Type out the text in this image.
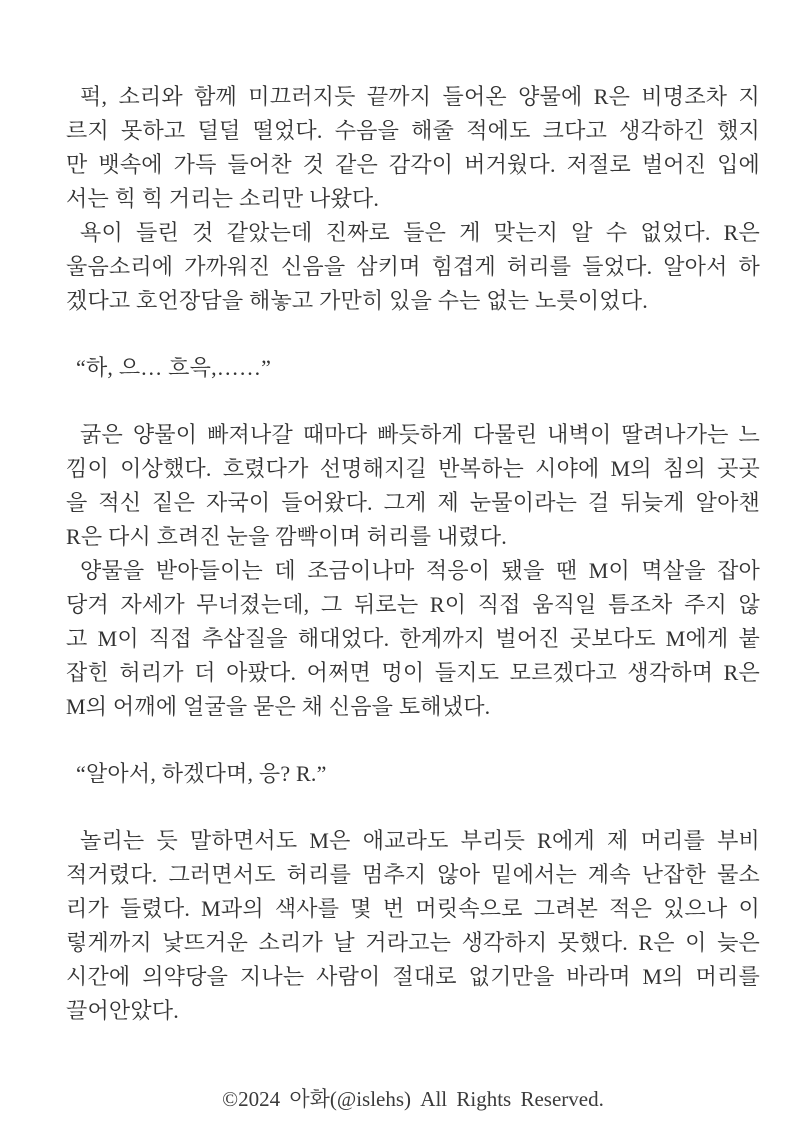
퍽, 소리와 함께 미끄러지듯 끝까지 들어온 양물에 R은 비명조차 지
르지 못하고 덜덜 떨었다. 수음을 해줄 적에도 크다고 생각하긴 했지
만 뱃속에 가득 들어찬 것 같은 감각이 버거웠다. 저절로 벌어진 입에
서는 힉 힉 거리는 소리만 나왔다.
욕이 들린 것 같았는데 진짜로 들은 게 맞는지 알 수 없었다. R은
울음소리에 가까워진 신음을 삼키며 힘겹게 허리를 들었다. 알아서 하
겠다고 호언장담을 해놓고 가만히 있을 수는 없는 노릇이었다.
“하, 으… 흐윽,……”
굵은 양물이 빠져나갈 때마다 빠듯하게 다물린 내벽이 딸려나가는 느
낌이 이상했다. 흐렸다가 선명해지길 반복하는 시야에 M의 침의 곳곳
을 적신 짙은 자국이 들어왔다. 그게 제 눈물이라는 걸 뒤늦게 알아챈
R은 다시 흐려진 눈을 깜빡이며 허리를 내렸다.
양물을 받아들이는 데 조금이나마 적응이 됐을 땐 M이 멱살을 잡아
당겨 자세가 무너졌는데, 그 뒤로는 R이 직접 움직일 틈조차 주지 않
고 M이 직접 추삽질을 해대었다. 한계까지 벌어진 곳보다도 M에게 붙
잡힌 허리가 더 아팠다. 어쩌면 멍이 들지도 모르겠다고 생각하며 R은
M의 어깨에 얼굴을 묻은 채 신음을 토해냈다.
“알아서, 하겠다며, 응? R.”
놀리는 듯 말하면서도 M은 애교라도 부리듯 R에게 제 머리를 부비
적거렸다. 그러면서도 허리를 멈추지 않아 밑에서는 계속 난잡한 물소
리가 들렸다. M과의 색사를 몇 번 머릿속으로 그려본 적은 있으나 이
렇게까지 낯뜨거운 소리가 날 거라고는 생각하지 못했다. R은 이 늦은
시간에 의약당을 지나는 사람이 절대로 없기만을 바라며 M의 머리를
끌어안았다.
©2024 아화(@islehs) All Rights Reserved.
